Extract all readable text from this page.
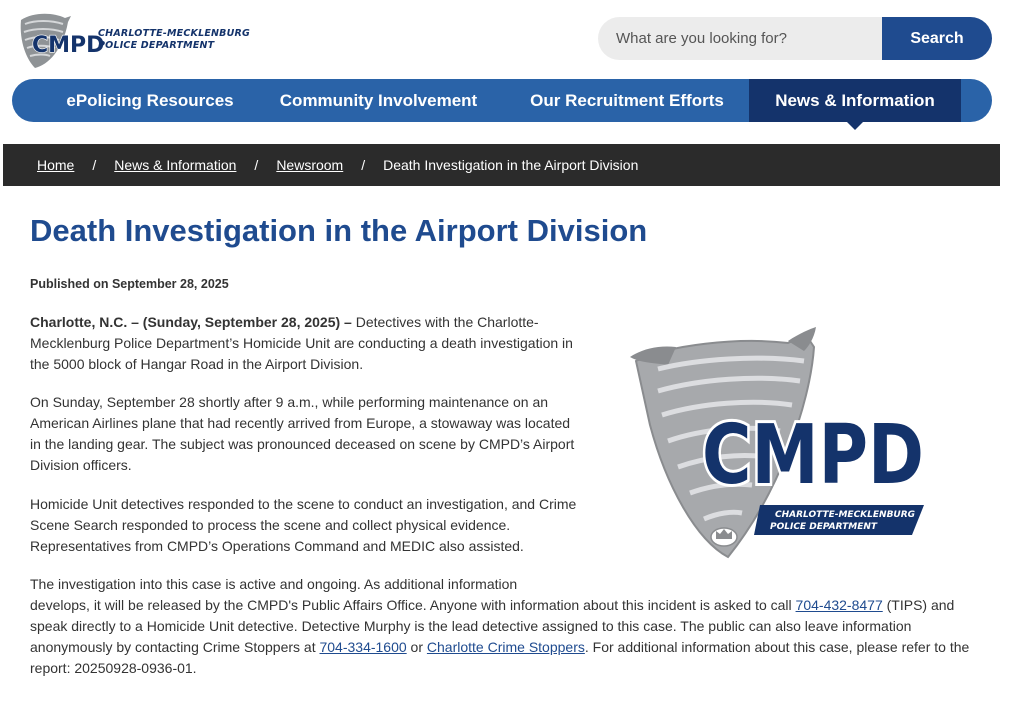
CMPD
CHARLOTTE-MECKLENBURG
POLICE DEPARTMENT
What are you looking for?	Search
ePolicing Resources	Community Involvement	Our Recruitment Efforts	News & Information
Home / News & Information / Newsroom / Death Investigation in the Airport Division
Death Investigation in the Airport Division
Published on September 28, 2025

Charlotte, N.C. – (Sunday, September 28, 2025) – Detectives with the Charlotte-Mecklenburg Police Department’s Homicide Unit are conducting a death investigation in the 5000 block of Hangar Road in the Airport Division.

On Sunday, September 28 shortly after 9 a.m., while performing maintenance on an American Airlines plane that had recently arrived from Europe, a stowaway was located in the landing gear. The subject was pronounced deceased on scene by CMPD’s Airport Division officers.

Homicide Unit detectives responded to the scene to conduct an investigation, and Crime Scene Search responded to process the scene and collect physical evidence. Representatives from CMPD’s Operations Command and MEDIC also assisted.

The investigation into this case is active and ongoing. As additional information
develops, it will be released by the CMPD's Public Affairs Office. Anyone with information about this incident is asked to call 704-432-8477 (TIPS) and speak directly to a Homicide Unit detective. Detective Murphy is the lead detective assigned to this case. The public can also leave information anonymously by contacting Crime Stoppers at 704-334-1600 or Charlotte Crime Stoppers. For additional information about this case, please refer to the report: 20250928-0936-01.

CMPD
CHARLOTTE-MECKLENBURG
POLICE DEPARTMENT
